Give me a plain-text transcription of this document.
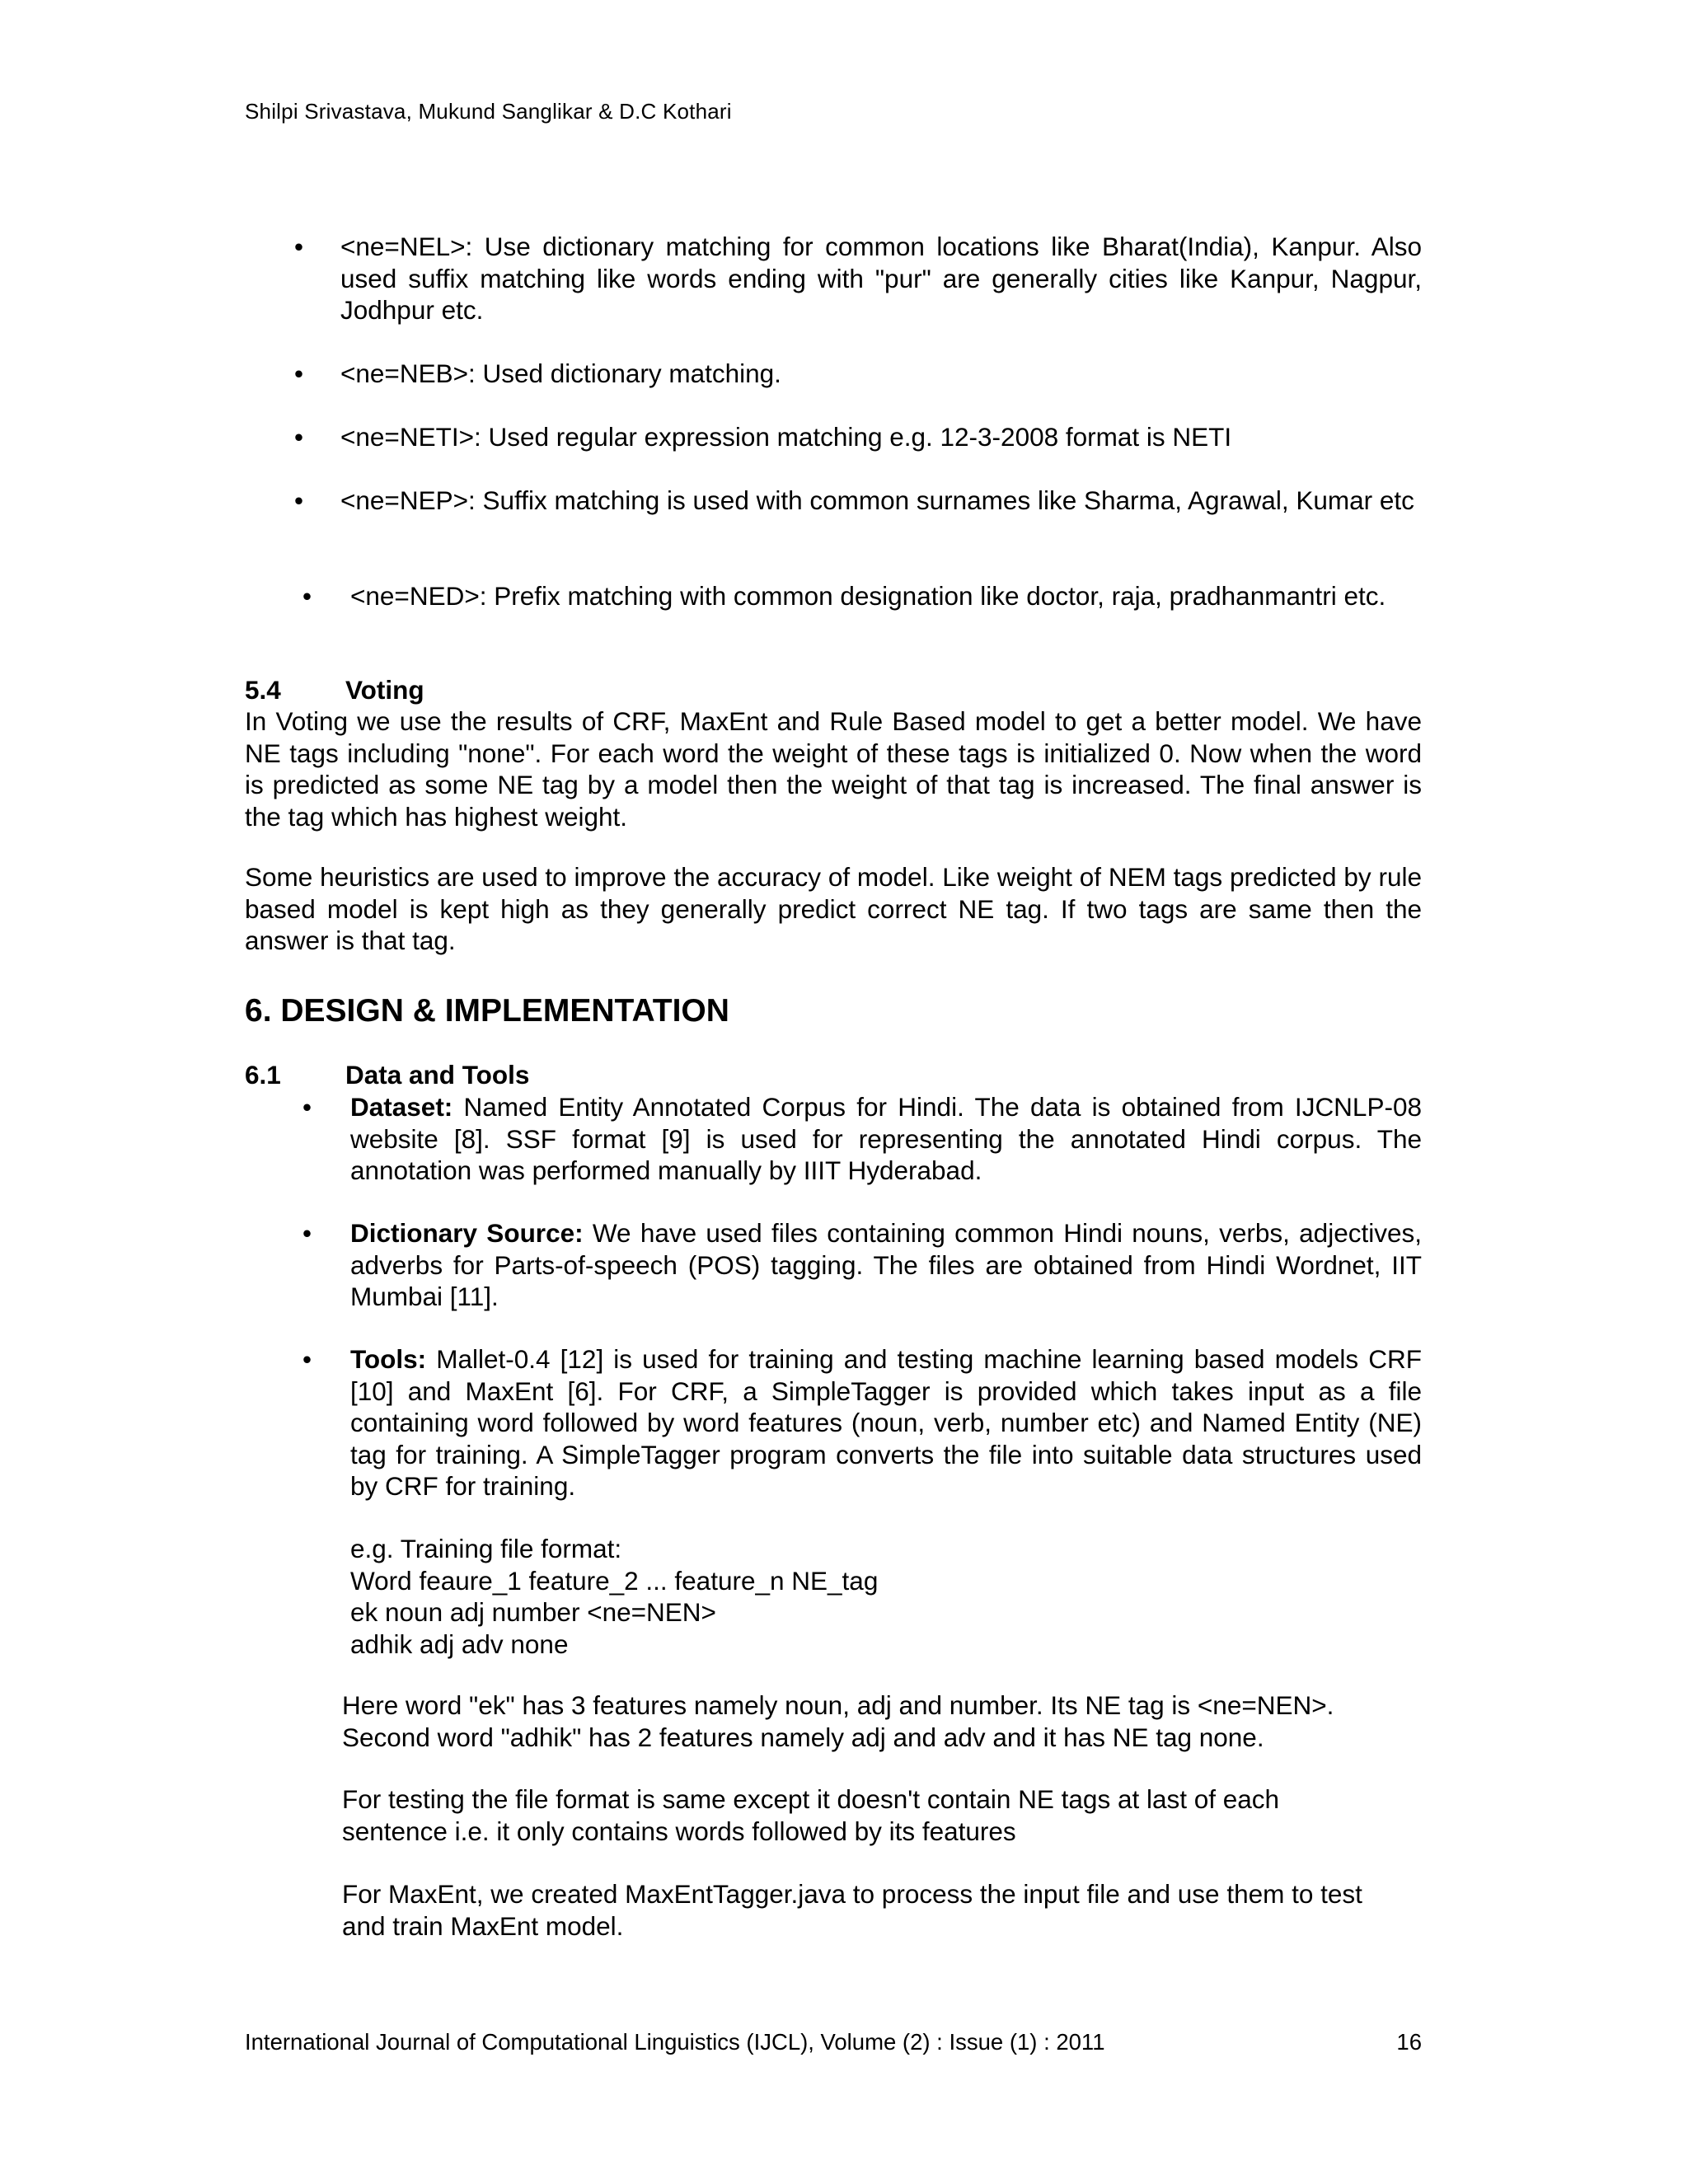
Shilpi Srivastava, Mukund Sanglikar & D.C Kothari
•	<ne=NEL>: Use dictionary matching for common locations like Bharat(India), Kanpur. Also used suffix matching like words ending with "pur" are generally cities like Kanpur, Nagpur, Jodhpur etc.
•	<ne=NEB>: Used dictionary matching.
•	<ne=NETI>: Used regular expression matching e.g. 12-3-2008 format is NETI
•	<ne=NEP>: Suffix matching is used with common surnames like Sharma, Agrawal, Kumar etc
•	<ne=NED>: Prefix matching with common designation like doctor, raja, pradhanmantri etc.
5.4 Voting
In Voting we use the results of CRF, MaxEnt and Rule Based model to get a better model. We have NE tags including "none". For each word the weight of these tags is initialized 0. Now when the word is predicted as some NE tag by a model then the weight of that tag is increased. The final answer is the tag which has highest weight.
Some heuristics are used to improve the accuracy of model. Like weight of NEM tags predicted by rule based model is kept high as they generally predict correct NE tag. If two tags are same then the answer is that tag.
6. DESIGN & IMPLEMENTATION
6.1 Data and Tools
•	Dataset: Named Entity Annotated Corpus for Hindi. The data is obtained from IJCNLP-08 website [8]. SSF format [9] is used for representing the annotated Hindi corpus. The annotation was performed manually by IIIT Hyderabad.
•	Dictionary Source: We have used files containing common Hindi nouns, verbs, adjectives, adverbs for Parts-of-speech (POS) tagging. The files are obtained from Hindi Wordnet, IIT Mumbai [11].
•	Tools: Mallet-0.4 [12] is used for training and testing machine learning based models CRF [10] and MaxEnt [6]. For CRF, a SimpleTagger is provided which takes input as a file containing word followed by word features (noun, verb, number etc) and Named Entity (NE) tag for training. A SimpleTagger program converts the file into suitable data structures used by CRF for training.
e.g. Training file format:
Word feaure_1 feature_2 ... feature_n NE_tag
ek noun adj number <ne=NEN>
adhik adj adv none
Here word "ek" has 3 features namely noun, adj and number. Its NE tag is <ne=NEN>.
Second word "adhik" has 2 features namely adj and adv and it has NE tag none.
For testing the file format is same except it doesn't contain NE tags at last of each
sentence i.e. it only contains words followed by its features
For MaxEnt, we created MaxEntTagger.java to process the input file and use them to test
and train MaxEnt model.
International Journal of Computational Linguistics (IJCL), Volume (2) : Issue (1) : 2011	16
